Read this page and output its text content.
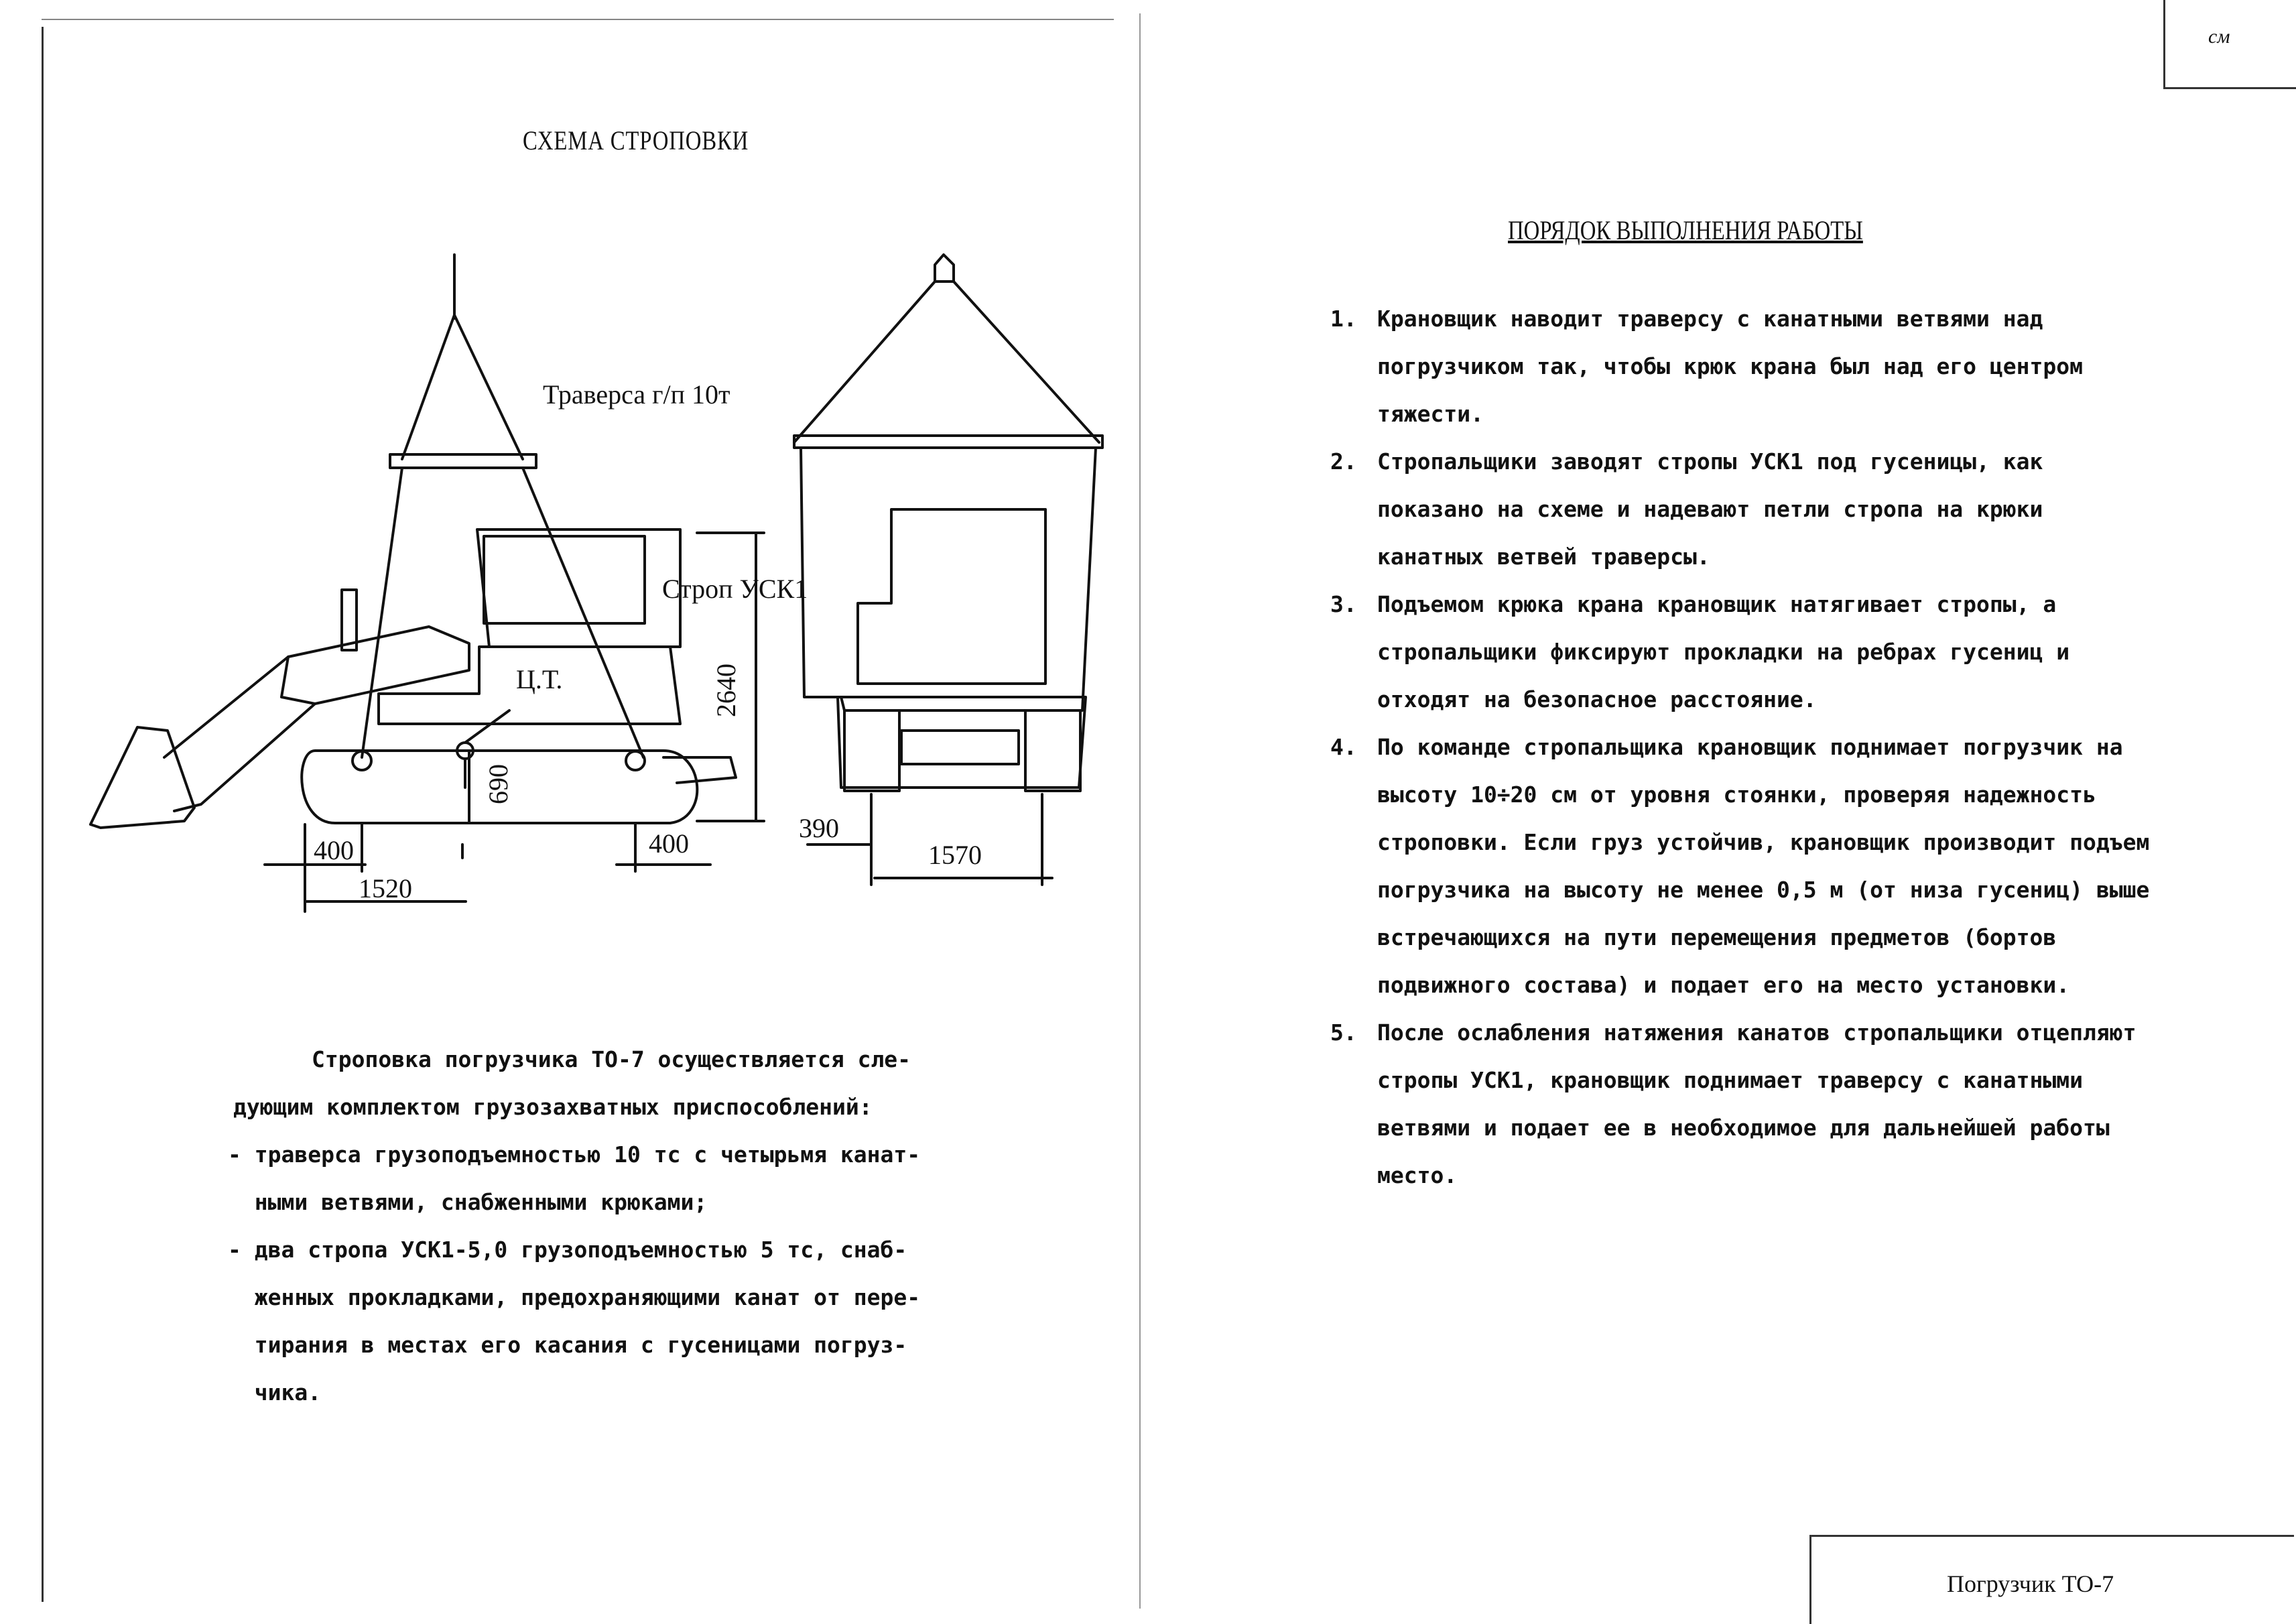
см
СХЕМА СТРОПОВКИ
Траверса г/п 10т
Строп УСК1
Ц.Т.	2640
690
400	400
1520
390
1570
Строповка погрузчика ТО-7 осуществляется сле-
дующим комплектом грузозахватных приспособлений:
- траверса грузоподъемностью 10 тс с четырьмя канат-
ными ветвями, снабженными крюками;
- два стропа УСК1-5,0 грузоподъемностью 5 тс, снаб-
женных прокладками, предохраняющими канат от пере-
тирания в местах его касания с гусеницами погруз-
чика.
ПОРЯДОК ВЫПОЛНЕНИЯ РАБОТЫ
1. Крановщик наводит траверсу с канатными ветвями над погрузчиком так, чтобы крюк крана был над его центром тяжести.
2. Стропальщики заводят стропы УСК1 под гусеницы, как показано на схеме и надевают петли стропа на крюки канатных ветвей траверсы.
3. Подъемом крюка крана крановщик натягивает стропы, а стропальщики фиксируют прокладки на ребрах гусениц и отходят на безопасное расстояние.
4. По команде стропальщика крановщик поднимает погрузчик на высоту 10÷20 см от уровня стоянки, проверяя надежность строповки. Если груз устойчив, крановщик производит подъем погрузчика на высоту не менее 0,5 м (от низа гусениц) выше встречающихся на пути перемещения предметов (бортов подвижного состава) и подает его на место установки.
5. После ослабления натяжения канатов стропальщики отцепляют стропы УСК1, крановщик поднимает траверсу с канатными ветвями и подает ее в необходимое для дальнейшей работы место.
Погрузчик ТО-7
